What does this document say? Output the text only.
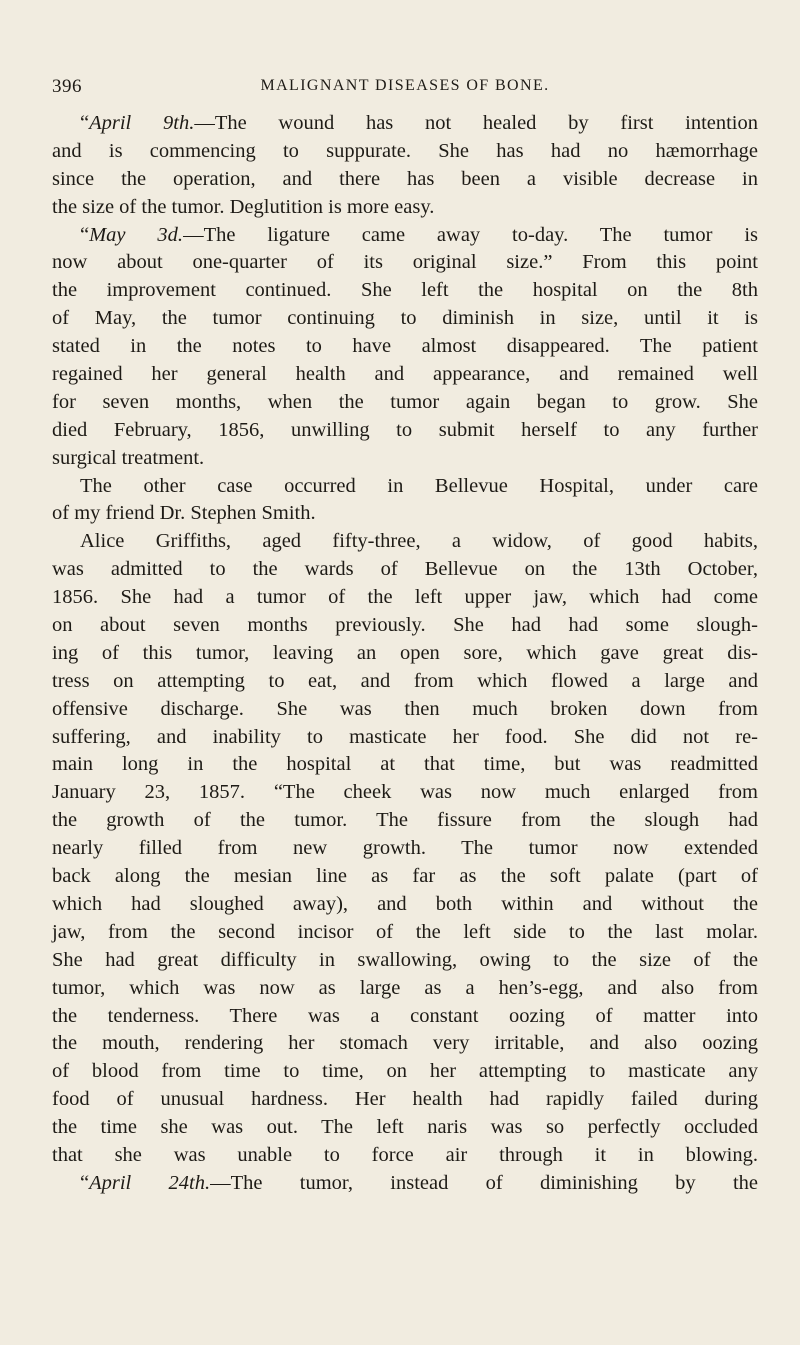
396	MALIGNANT DISEASES OF BONE.
“April 9th.—The wound has not healed by first intention
and is commencing to suppurate. She has had no hæmorrhage
since the operation, and there has been a visible decrease in
the size of the tumor. Deglutition is more easy.
“May 3d.—The ligature came away to-day. The tumor is
now about one-quarter of its original size.” From this point
the improvement continued. She left the hospital on the 8th
of May, the tumor continuing to diminish in size, until it is
stated in the notes to have almost disappeared. The patient
regained her general health and appearance, and remained well
for seven months, when the tumor again began to grow. She
died February, 1856, unwilling to submit herself to any further
surgical treatment.
The other case occurred in Bellevue Hospital, under care
of my friend Dr. Stephen Smith.
Alice Griffiths, aged fifty-three, a widow, of good habits,
was admitted to the wards of Bellevue on the 13th October,
1856. She had a tumor of the left upper jaw, which had come
on about seven months previously. She had had some slough-
ing of this tumor, leaving an open sore, which gave great dis-
tress on attempting to eat, and from which flowed a large and
offensive discharge. She was then much broken down from
suffering, and inability to masticate her food. She did not re-
main long in the hospital at that time, but was readmitted
January 23, 1857. “The cheek was now much enlarged from
the growth of the tumor. The fissure from the slough had
nearly filled from new growth. The tumor now extended
back along the mesian line as far as the soft palate (part of
which had sloughed away), and both within and without the
jaw, from the second incisor of the left side to the last molar.
She had great difficulty in swallowing, owing to the size of the
tumor, which was now as large as a hen’s-egg, and also from
the tenderness. There was a constant oozing of matter into
the mouth, rendering her stomach very irritable, and also oozing
of blood from time to time, on her attempting to masticate any
food of unusual hardness. Her health had rapidly failed during
the time she was out. The left naris was so perfectly occluded
that she was unable to force air through it in blowing.
“April 24th.—The tumor, instead of diminishing by the
